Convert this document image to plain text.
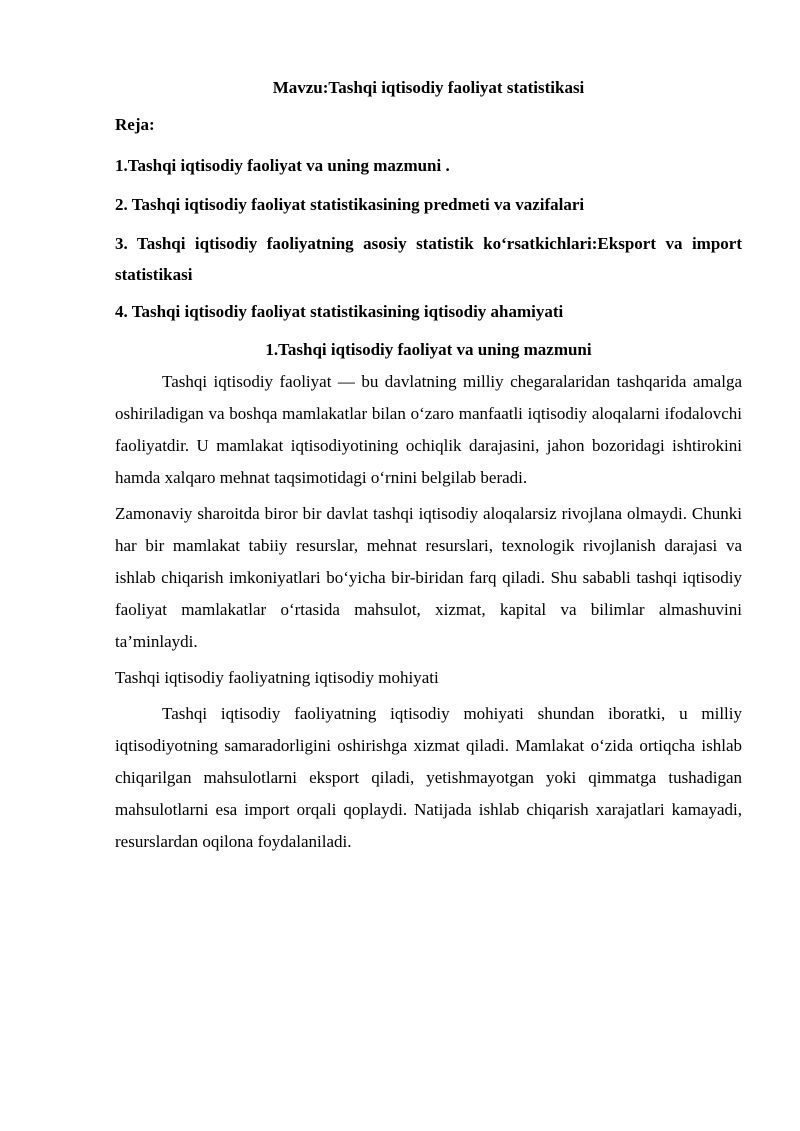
Mavzu:Tashqi iqtisodiy faoliyat statistikasi
Reja:
1.Tashqi iqtisodiy faoliyat va uning mazmuni .
2. Tashqi iqtisodiy faoliyat statistikasining predmeti va vazifalari
3. Tashqi iqtisodiy faoliyatning asosiy statistik ko‘rsatkichlari:Eksport va import statistikasi
4. Tashqi iqtisodiy faoliyat statistikasining iqtisodiy ahamiyati
1.Tashqi iqtisodiy faoliyat va uning mazmuni

Tashqi iqtisodiy faoliyat — bu davlatning milliy chegaralaridan tashqarida amalga oshiriladigan va boshqa mamlakatlar bilan o‘zaro manfaatli iqtisodiy aloqalarni ifodalovchi faoliyatdir. U mamlakat iqtisodiyotining ochiqlik darajasini, jahon bozoridagi ishtirokini hamda xalqaro mehnat taqsimotidagi o‘rnini belgilab beradi.

Zamonaviy sharoitda biror bir davlat tashqi iqtisodiy aloqalarsiz rivojlana olmaydi. Chunki har bir mamlakat tabiiy resurslar, mehnat resurslari, texnologik rivojlanish darajasi va ishlab chiqarish imkoniyatlari bo‘yicha bir-biridan farq qiladi. Shu sababli tashqi iqtisodiy faoliyat mamlakatlar o‘rtasida mahsulot, xizmat, kapital va bilimlar almashuvini ta’minlaydi.

Tashqi iqtisodiy faoliyatning iqtisodiy mohiyati

Tashqi iqtisodiy faoliyatning iqtisodiy mohiyati shundan iboratki, u milliy iqtisodiyotning samaradorligini oshirishga xizmat qiladi. Mamlakat o‘zida ortiqcha ishlab chiqarilgan mahsulotlarni eksport qiladi, yetishmayotgan yoki qimmatga tushadigan mahsulotlarni esa import orqali qoplaydi. Natijada ishlab chiqarish xarajatlari kamayadi, resurslardan oqilona foydalaniladi.
